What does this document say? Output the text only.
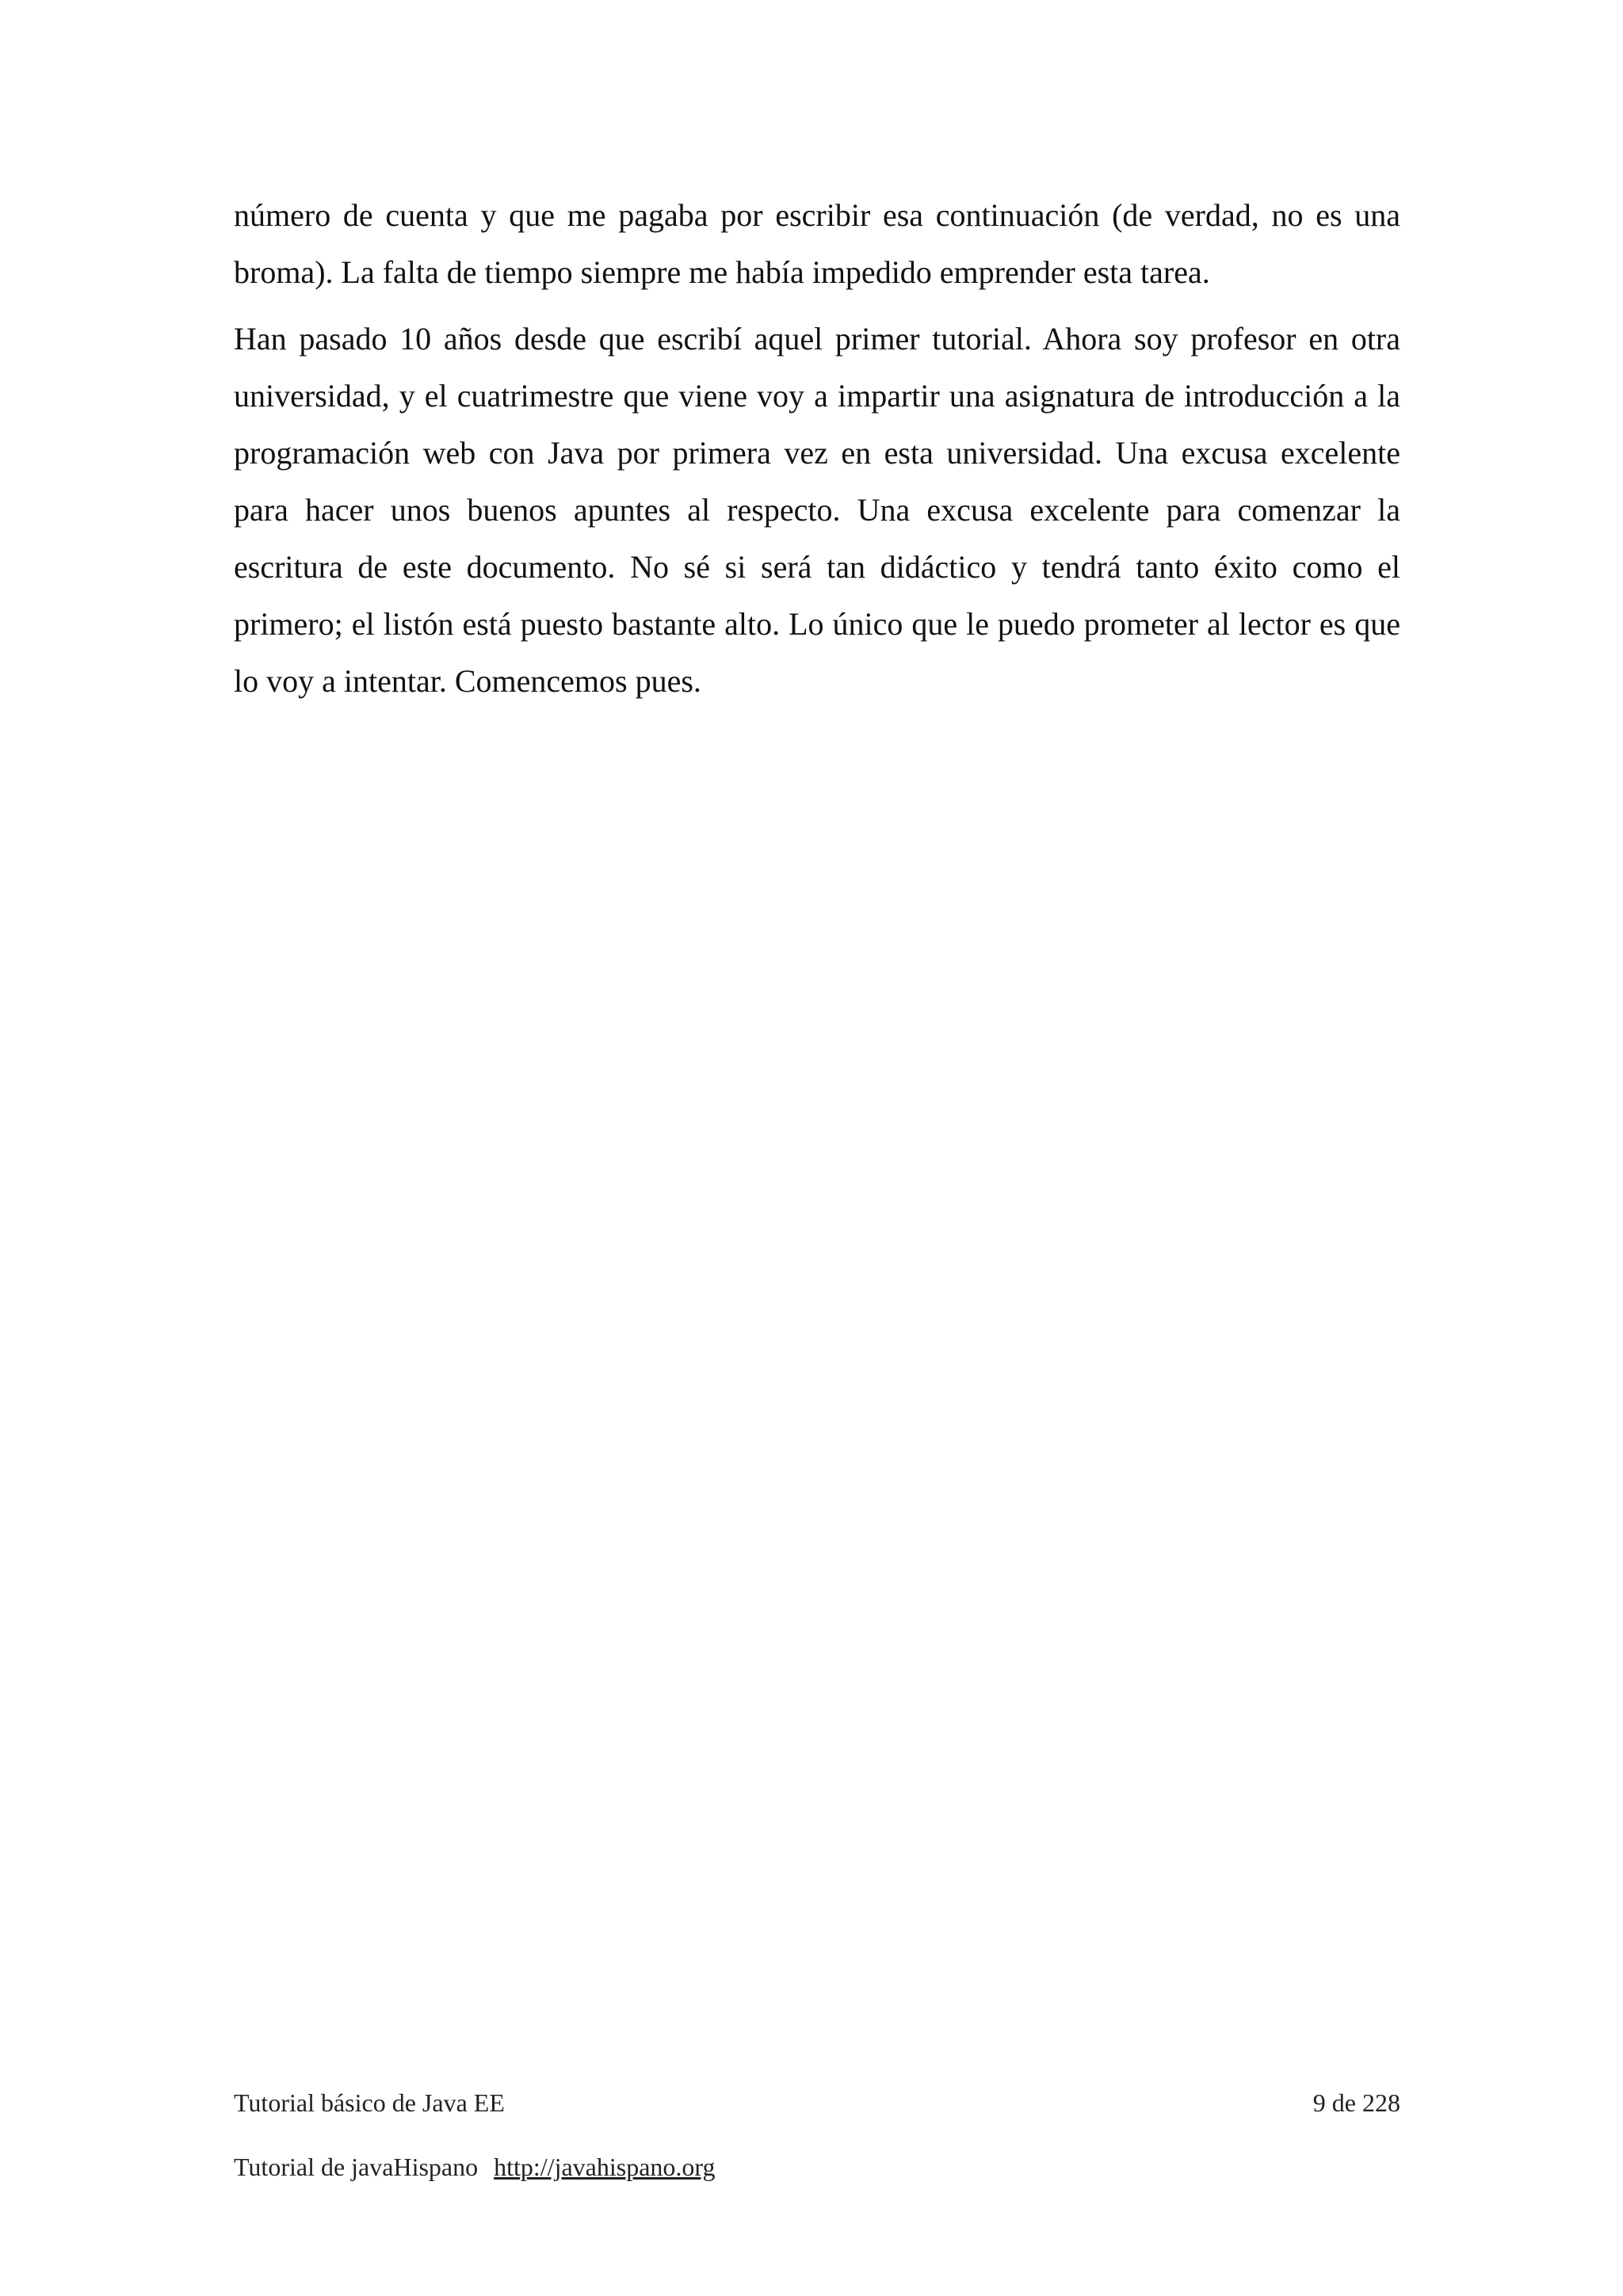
número de cuenta y que me pagaba por escribir esa continuación (de verdad, no es una broma). La falta de tiempo siempre me había impedido emprender esta tarea.

Han pasado 10 años desde que escribí aquel primer tutorial. Ahora soy profesor en otra universidad, y el cuatrimestre que viene voy a impartir una asignatura de introducción a la programación web con Java por primera vez en esta universidad. Una excusa excelente para hacer unos buenos apuntes al respecto. Una excusa excelente para comenzar la escritura de este documento. No sé si será tan didáctico y tendrá tanto éxito como el primero; el listón está puesto bastante alto. Lo único que le puedo prometer al lector es que lo voy a intentar. Comencemos pues.

Tutorial básico de Java EE	9 de 228
Tutorial de javaHispano http://javahispano.org
